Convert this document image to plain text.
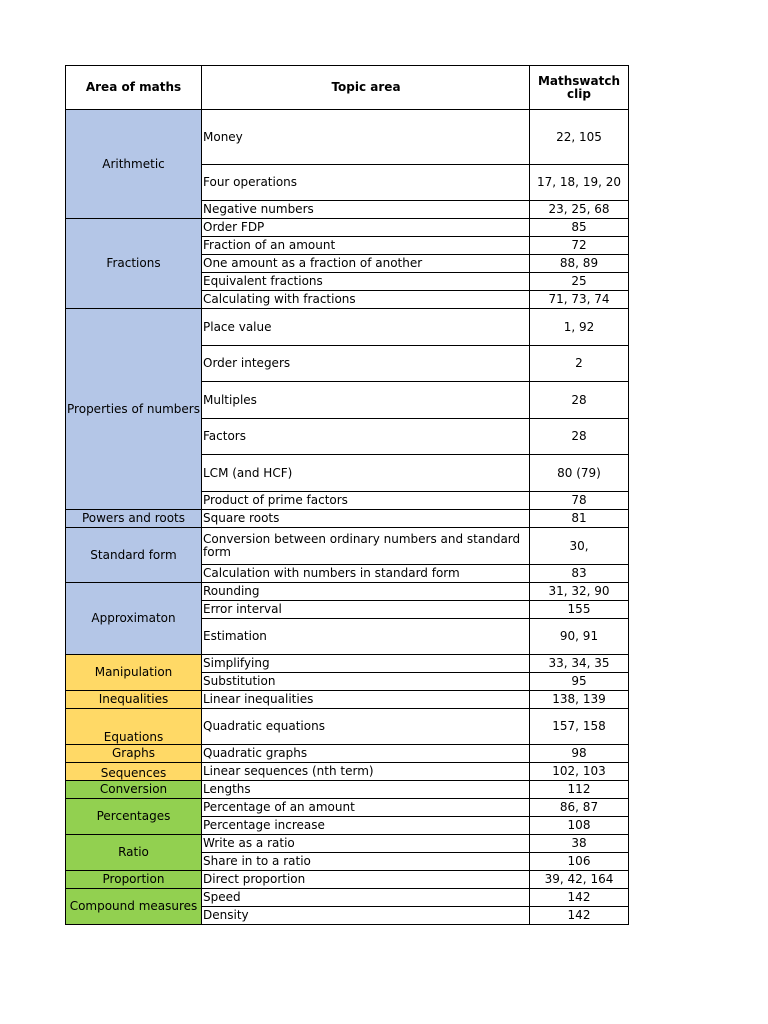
Area of maths	Topic area	Mathswatch clip
Arithmetic	Money	22, 105
	Four operations	17, 18, 19, 20
	Negative numbers	23, 25, 68
Fractions	Order FDP	85
	Fraction of an amount	72
	One amount as a fraction of another	88, 89
	Equivalent fractions	25
	Calculating with fractions	71, 73, 74
Properties of numbers	Place value	1, 92
	Order integers	2
	Multiples	28
	Factors	28
	LCM (and HCF)	80 (79)
	Product of prime factors	78
Powers and roots	Square roots	81
Standard form	Conversion between ordinary numbers and standard form	30,
	Calculation with numbers in standard form	83
Approximaton	Rounding	31, 32, 90
	Error interval	155
	Estimation	90, 91
Manipulation	Simplifying	33, 34, 35
	Substitution	95
Inequalities	Linear inequalities	138, 139
Equations	Quadratic equations	157, 158
Graphs	Quadratic graphs	98
Sequences	Linear sequences (nth term)	102, 103
Conversion	Lengths	112
Percentages	Percentage of an amount	86, 87
	Percentage increase	108
Ratio	Write as a ratio	38
	Share in to a ratio	106
Proportion	Direct proportion	39, 42, 164
Compound measures	Speed	142
	Density	142
